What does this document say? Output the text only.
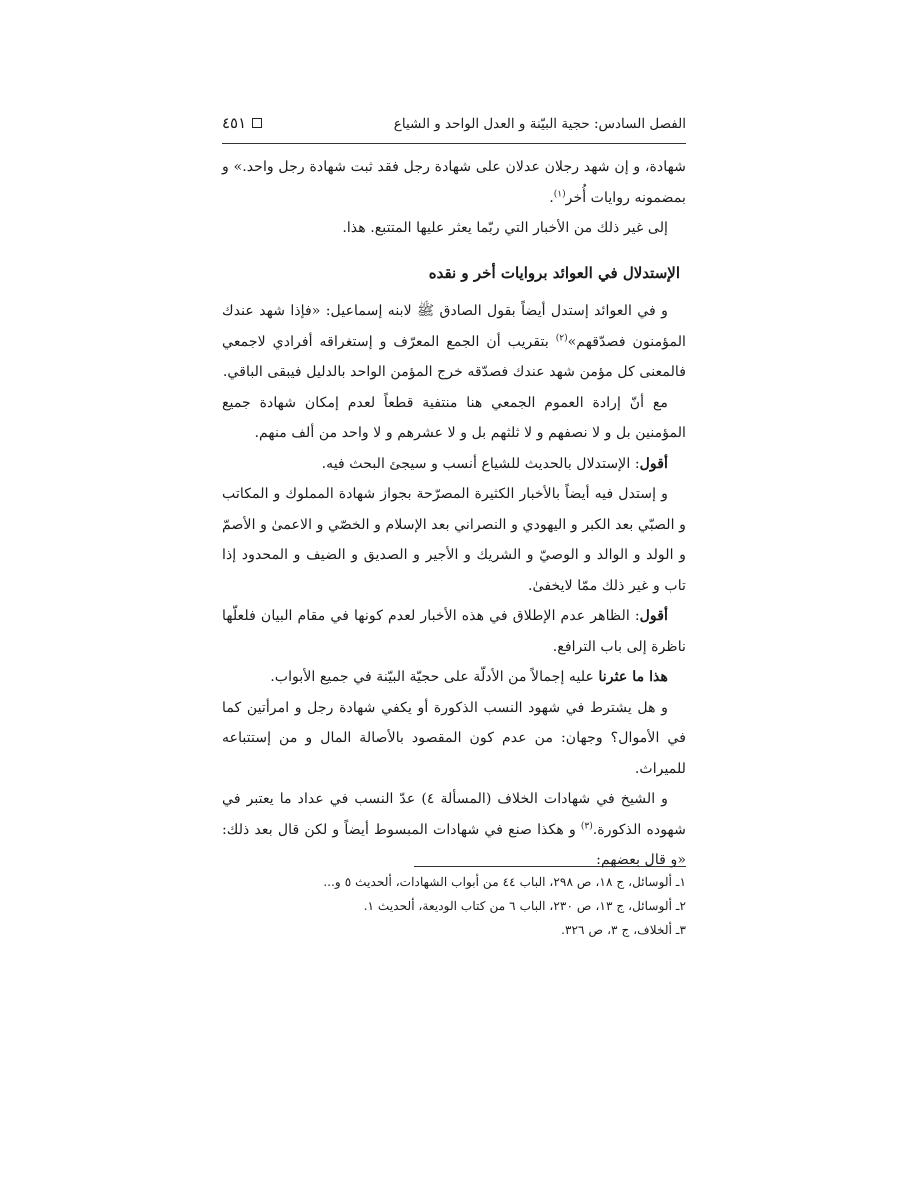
الفصل السادس: حجية البيّنة و العدل الواحد و الشياع
٤٥١

شهادة، و إن شهد رجلان عدلان على شهادة رجل فقد ثبت شهادة رجل واحد.» و بمضمونه روايات أُخر$^{(١)}$.

إلى غير ذلك من الأخبار التي ربّما يعثر عليها المتتبع. هذا.

الإستدلال في العوائد بروايات أخر و نقده

و في العوائد إستدل أيضاً بقول الصادق ﷺ لابنه إسماعيل: «فإذا شهد عندك المؤمنون فصدّقهم»$^{(٢)}$ بتقريب أن الجمع المعرّف و إستغراقه أفرادي لاجمعي فالمعنى كل مؤمن شهد عندك فصدّقه خرج المؤمن الواحد بالدليل فيبقى الباقي.

مع أنّ إرادة العموم الجمعي هنا منتفية قطعاً لعدم إمكان شهادة جميع المؤمنين بل و لا نصفهم و لا ثلثهم بل و لا عشرهم و لا واحد من ألف منهم.

أقول: الإستدلال بالحديث للشياع أنسب و سيجئ البحث فيه.

و إستدل فيه أيضاً بالأخبار الكثيرة المصرّحة بجواز شهادة المملوك و المكاتب و الصبّي بعد الكبر و اليهودي و النصراني بعد الإسلام و الخصّي و الاعمىٰ و الأصمّ و الولد و الوالد و الوصيّ و الشريك و الأجير و الصديق و الضيف و المحدود إذا تاب و غير ذلك ممّا لايخفىٰ.

أقول: الظاهر عدم الإطلاق في هذه الأخبار لعدم كونها في مقام البيان فلعلّها ناظرة إلى باب الترافع.

هذا ما عثرنا عليه إجمالاً من الأدلّة على حجيّة البيّنة في جميع الأبواب.

و هل يشترط في شهود النسب الذكورة أو يكفي شهادة رجل و امرأتين كما في الأموال؟ وجهان: من عدم كون المقصود بالأصالة المال و من إستتباعه للميراث.

و الشيخ في شهادات الخلاف (المسألة ٤) عدّ النسب في عداد ما يعتبر في شهوده الذكورة.$^{(٣)}$ و هكذا صنع في شهادات المبسوط أيضاً و لكن قال بعد ذلك: «و قال بعضهم:

١ـ ألوسائل، ج ١٨، ص ٢٩٨، الباب ٤٤ من أبواب الشهادات، ألحديث ٥ و...

٢ـ ألوسائل، ج ١٣، ص ٢٣٠، الباب ٦ من كتاب الوديعة، ألحديث ١.

٣ـ ألخلاف، ج ٣، ص ٣٢٦.
